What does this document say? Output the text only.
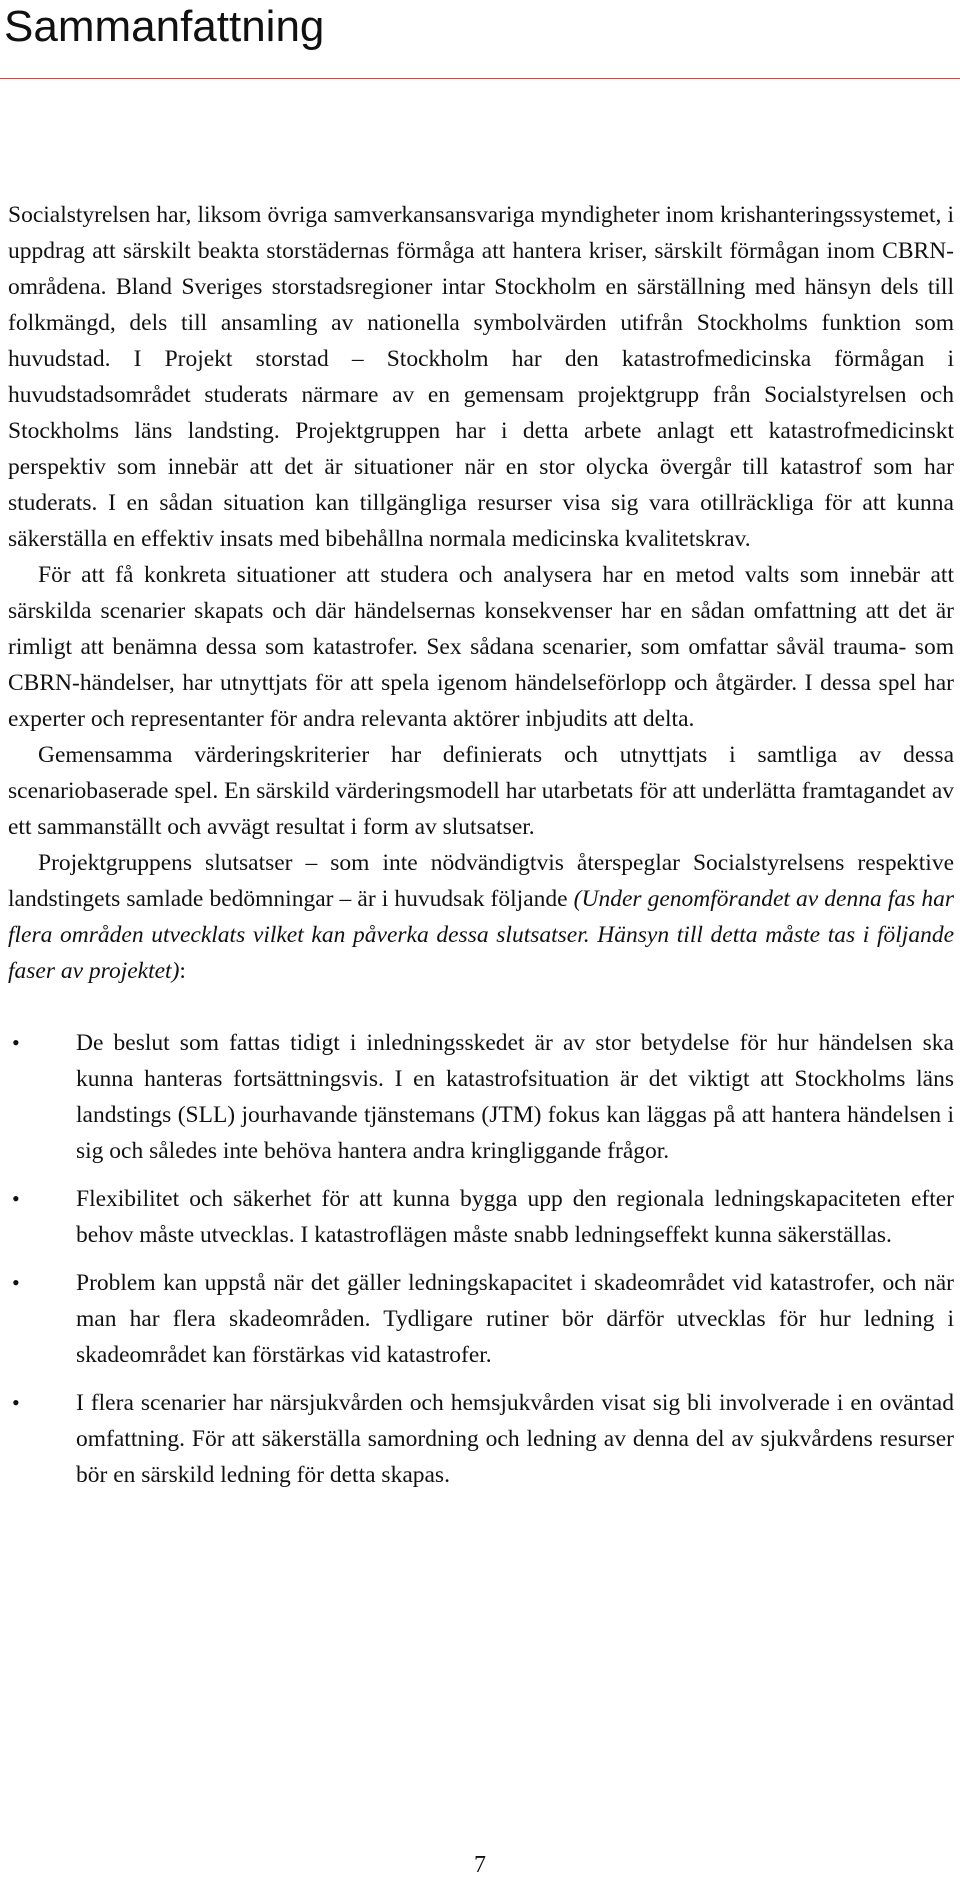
Sammanfattning

Socialstyrelsen har, liksom övriga samverkansansvariga myndigheter inom krishanteringssystemet, i uppdrag att särskilt beakta storstädernas förmåga att hantera kriser, särskilt förmågan inom CBRN- områdena. Bland Sveriges storstadsregioner intar Stockholm en särställning med hänsyn dels till folkmängd, dels till ansamling av nationella symbolvärden utifrån Stockholms funktion som huvudstad. I Projekt storstad – Stockholm har den katastrofmedicinska förmågan i huvudstadsområdet studerats närmare av en gemensam projektgrupp från Socialstyrelsen och Stockholms läns landsting. Projektgruppen har i detta arbete anlagt ett katastrofmedicinskt perspektiv som innebär att det är situationer när en stor olycka övergår till katastrof som har studerats. I en sådan situation kan tillgängliga resurser visa sig vara otillräckliga för att kunna säkerställa en effektiv insats med bibehållna normala medicinska kvalitetskrav.

För att få konkreta situationer att studera och analysera har en metod valts som innebär att särskilda scenarier skapats och där händelsernas konsekvenser har en sådan omfattning att det är rimligt att benämna dessa som katastrofer. Sex sådana scenarier, som omfattar såväl trauma- som CBRN-händelser, har utnyttjats för att spela igenom händelseförlopp och åtgärder. I dessa spel har experter och representanter för andra relevanta aktörer inbjudits att delta.

Gemensamma värderingskriterier har definierats och utnyttjats i samtliga av dessa scenariobaserade spel. En särskild värderingsmodell har utarbetats för att underlätta framtagandet av ett sammanställt och avvägt resultat i form av slutsatser.

Projektgruppens slutsatser – som inte nödvändigtvis återspeglar Socialstyrelsens respektive landstingets samlade bedömningar – är i huvudsak följande (Under genomförandet av denna fas har flera områden utvecklats vilket kan påverka dessa slutsatser. Hänsyn till detta måste tas i följande faser av projektet):

• De beslut som fattas tidigt i inledningsskedet är av stor betydelse för hur händelsen ska kunna hanteras fortsättningsvis. I en katastrofsituation är det viktigt att Stockholms läns landstings (SLL) jourhavande tjänstemans (JTM) fokus kan läggas på att hantera händelsen i sig och således inte behöva hantera andra kringliggande frågor.
• Flexibilitet och säkerhet för att kunna bygga upp den regionala ledningskapaciteten efter behov måste utvecklas. I katastroflägen måste snabb ledningseffekt kunna säkerställas.
• Problem kan uppstå när det gäller ledningskapacitet i skadeområdet vid katastrofer, och när man har flera skadeområden. Tydligare rutiner bör därför utvecklas för hur ledning i skadeområdet kan förstärkas vid katastrofer.
• I flera scenarier har närsjukvården och hemsjukvården visat sig bli involverade i en oväntad omfattning. För att säkerställa samordning och ledning av denna del av sjukvårdens resurser bör en särskild ledning för detta skapas.
7
